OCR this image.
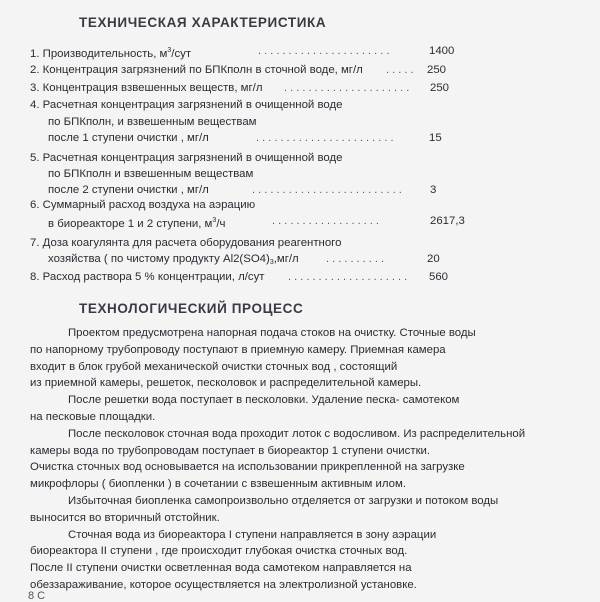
ТЕХНИЧЕСКАЯ ХАРАКТЕРИСТИКА
1. Производительность, $м^3$/сут	. . . . . . . . . . . . . . . . . . . . . .	1400
2. Концентрация загрязнений по БПКполн в сточной воде, мг/л . . . . . 250
3. Концентрация взвешенных веществ, мг/л . . . . . . . . . . . . . . . . . . . . . 250
4. Расчетная концентрация загрязнений в очищенной воде
по БПКполн, и взвешенным веществам
после 1 ступени очистки , мг/л	. . . . . . . . . . . . . . . . . . . . . . .	15
5. Расчетная концентрация загрязнений в очищенной воде
по БПКполн и взвешенным веществам
после 2 ступени очистки , мг/л	. . . . . . . . . . . . . . . . . . . . . . . . . 3
6. Суммарный расход воздуха на аэрацию
в биореакторе 1 и 2 ступени, $м^3/ч$	. . . . . . . . . . . . . . . . . .	2617,3
7. Доза коагулянта для расчета оборудования реагентного
хозяйства ( по чистому продукту $Al2(SO4)_3,мг/л$ . . . . . . . . . .	20
8. Расход раствора 5 % концентрации, л/сут . . . . . . . . . . . . . . . . . . . . 560
ТЕХНОЛОГИЧЕСКИЙ ПРОЦЕСС

Проектом предусмотрена напорная подача стоков на очистку. Сточные воды

по напорному трубопроводу поступают в приемную камеру. Приемная камера

входит в блок грубой механической очистки сточных вод , состоящий

из приемной камеры, решеток, песколовок и распределительной камеры.

После решетки вода поступает в песколовки. Удаление песка- самотеком

на песковые площадки.

После песколовок сточная вода проходит лоток с водосливом. Из распределительной

камеры вода по трубопроводам поступает в биореактор 1 ступени очистки.

Очистка сточных вод основывается на использовании прикрепленной на загрузке

микрофлоры ( биопленки ) в сочетании с взвешенным активным илом.

Избыточная биопленка самопроизвольно отделяется от загрузки и потоком воды

выносится во вторичный отстойник.

Сточная вода из биореактора I ступени направляется в зону аэрации

биореактора II ступени , где происходит глубокая очистка сточных вод.

После II ступени очистки осветленная вода самотеком направляется на

обеззараживание, которое осуществляется на электролизной установке.

8 С
